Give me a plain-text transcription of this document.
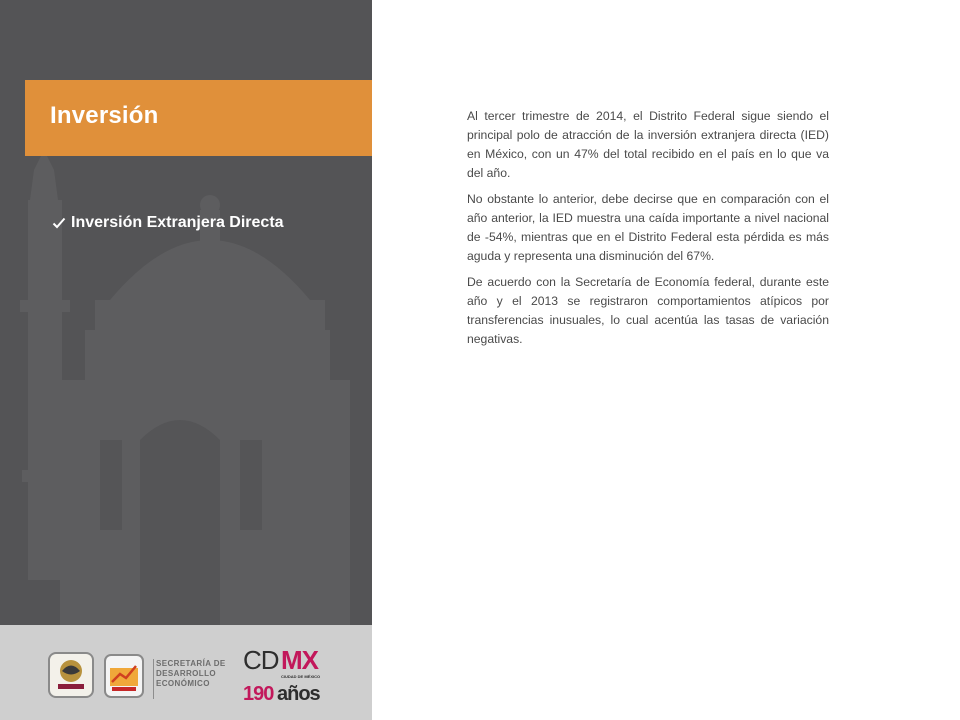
Inversión
Inversión Extranjera Directa
SECRETARÍA DE
DESARROLLO
ECONÓMICO
CD MX
CIUDAD DE MÉXICO
190 años

Al tercer trimestre de 2014, el Distrito Federal sigue siendo el principal polo de atracción de la inversión extranjera directa (IED) en México, con un 47% del total recibido en el país en lo que va del año.

No obstante lo anterior, debe decirse que en comparación con el año anterior, la IED muestra una caída importante a nivel nacional de -54%, mientras que en el Distrito Federal esta pérdida es más aguda y representa una disminución del 67%.

De acuerdo con la Secretaría de Economía federal, durante este año y el 2013 se registraron comportamientos atípicos por transferencias inusuales, lo cual acentúa las tasas de variación negativas.
